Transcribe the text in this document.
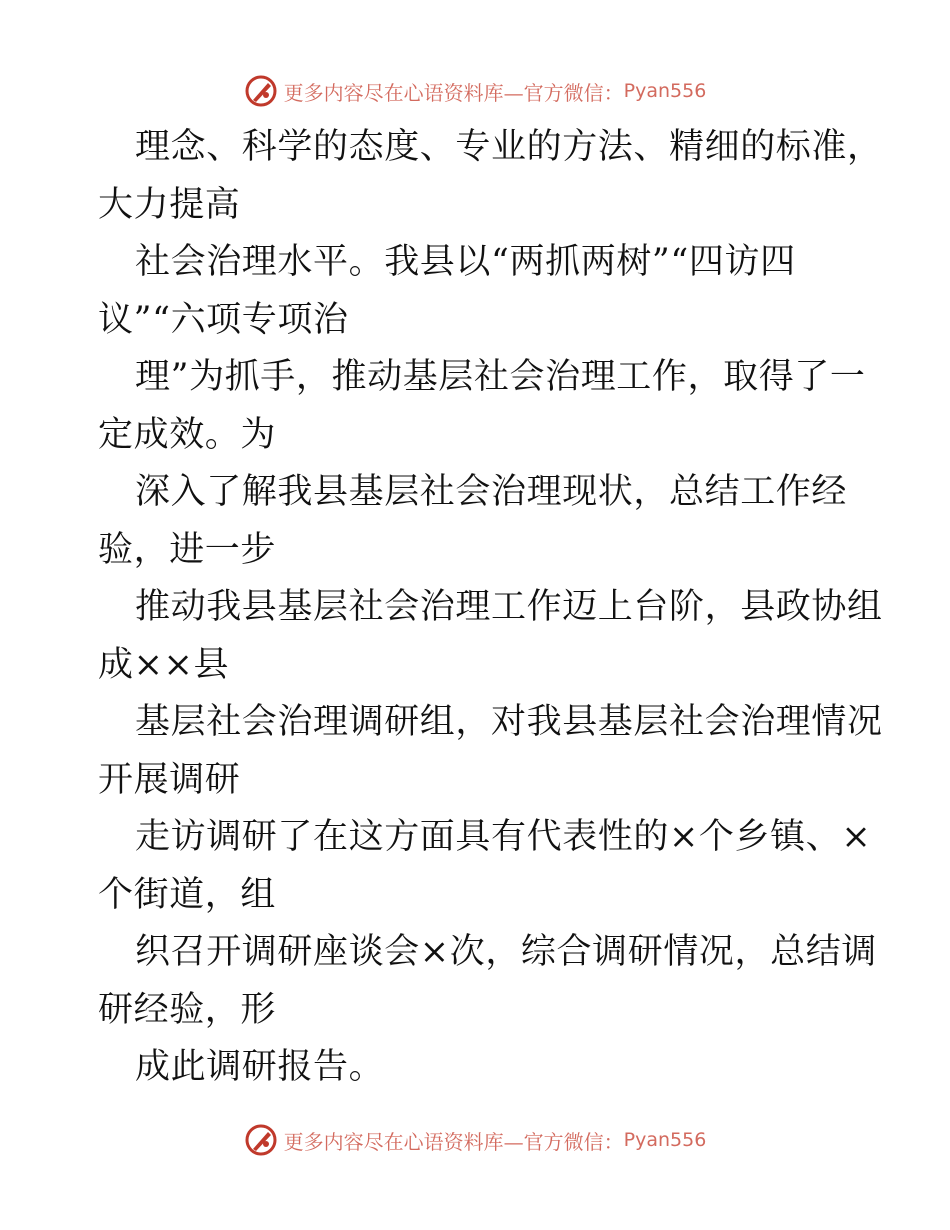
更多内容尽在心语资料库—官方微信： Pyan556
理念、科学的态度、专业的方法、精细的标准，
大力提高
社会治理水平。我县以“两抓两树”“四访四
议”“六项专项治
理”为抓手，推动基层社会治理工作，取得了一
定成效。为
深入了解我县基层社会治理现状，总结工作经
验，进一步
推动我县基层社会治理工作迈上台阶，县政协组
成××县
基层社会治理调研组，对我县基层社会治理情况
开展调研
走访调研了在这方面具有代表性的×个乡镇、×
个街道，组
织召开调研座谈会×次，综合调研情况，总结调
研经验，形
成此调研报告。
更多内容尽在心语资料库—官方微信： Pyan556
